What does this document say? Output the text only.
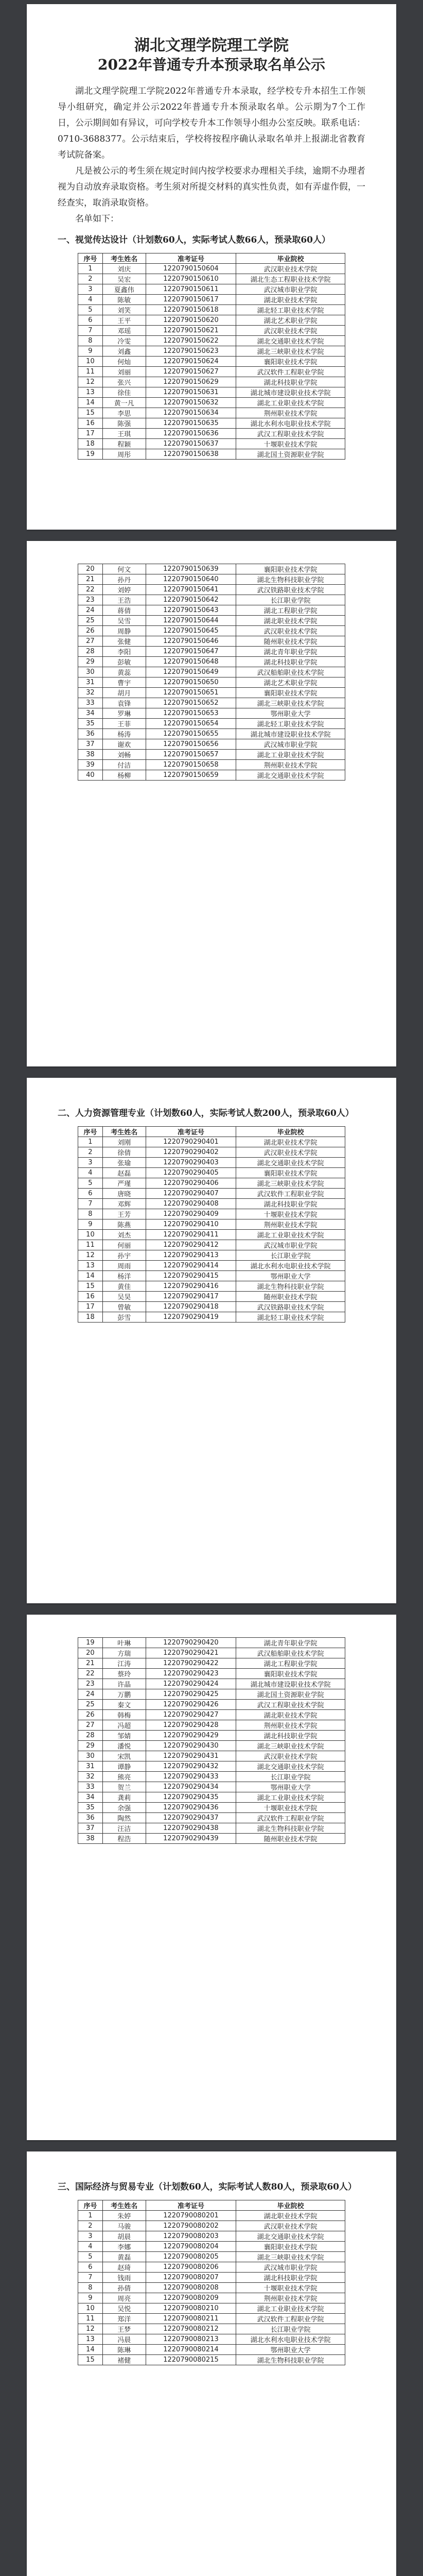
湖北文理学院理工学院
2022年普通专升本预录取名单公示

湖北文理学院理工学院2022年普通专升本录取，经学校专升本招生工作领导小组研究，确定并公示2022年普通专升本预录取名单。公示期为7个工作日，公示期间如有异议，可向学校专升本工作领导小组办公室反映。联系电话：0710-3688377。公示结束后，学校将按程序确认录取名单并上报湖北省教育考试院备案。

凡是被公示的考生须在规定时间内按学校要求办理相关手续，逾期不办理者视为自动放弃录取资格。考生须对所提交材料的真实性负责，如有弄虚作假，一经查实，取消录取资格。

名单如下：

一、视觉传达设计（计划数60人，实际考试人数66人，预录取60人）
序号	考生姓名	准考证号	毕业院校
1	刘庆	1220790150604	武汉职业技术学院
2	吴宏	1220790150610	湖北生态工程职业技术学院
3	夏鑫伟	1220790150611	武汉城市职业学院
4	陈敏	1220790150617	湖北职业技术学院
5	刘笑	1220790150618	湖北轻工职业技术学院
6	王平	1220790150620	湖北艺术职业学院
7	邓瑶	1220790150621	武汉职业技术学院
8	冷雯	1220790150622	湖北交通职业技术学院
9	刘鑫	1220790150623	湖北三峡职业技术学院
10	何灿	1220790150624	襄阳职业技术学院
11	刘丽	1220790150627	武汉软件工程职业学院
12	张兴	1220790150629	湖北科技职业学院
13	徐佳	1220790150631	湖北城市建设职业技术学院
14	黄一凡	1220790150632	湖北工业职业技术学院
15	李思	1220790150634	荆州职业技术学院
16	陈强	1220790150635	湖北水利水电职业技术学院
17	王琪	1220790150636	武汉工程职业技术学院
18	程颖	1220790150637	十堰职业技术学院
19	周彤	1220790150638	湖北国土资源职业学院
20	何文	1220790150639	襄阳职业技术学院
21	孙丹	1220790150640	湖北生物科技职业学院
22	刘婷	1220790150641	武汉铁路职业技术学院
23	王浩	1220790150642	长江职业学院
24	蒋倩	1220790150643	湖北工程职业学院
25	吴雪	1220790150644	湖北职业技术学院
26	周静	1220790150645	武汉职业技术学院
27	张健	1220790150646	随州职业技术学院
28	李阳	1220790150647	湖北青年职业学院
29	彭敏	1220790150648	湖北科技职业学院
30	黄蕊	1220790150649	武汉船舶职业技术学院
31	曹宇	1220790150650	湖北艺术职业学院
32	胡月	1220790150651	襄阳职业技术学院
33	袁锋	1220790150652	湖北三峡职业技术学院
34	罗琳	1220790150653	鄂州职业大学
35	王菲	1220790150654	湖北轻工职业技术学院
36	杨涛	1220790150655	湖北城市建设职业技术学院
37	谢欢	1220790150656	武汉城市职业学院
38	刘畅	1220790150657	湖北工业职业技术学院
39	付洁	1220790150658	荆州职业技术学院
40	杨柳	1220790150659	湖北交通职业技术学院
二、人力资源管理专业（计划数60人，实际考试人数200人，预录取60人）
序号	考生姓名	准考证号	毕业院校
1	刘刚	1220790290401	湖北职业技术学院
2	徐倩	1220790290402	武汉职业技术学院
3	张瑜	1220790290403	湖北交通职业技术学院
4	赵磊	1220790290405	襄阳职业技术学院
5	严瑾	1220790290406	湖北三峡职业技术学院
6	唐晓	1220790290407	武汉软件工程职业学院
7	邓辉	1220790290408	湖北科技职业学院
8	王芳	1220790290409	十堰职业技术学院
9	陈燕	1220790290410	荆州职业技术学院
10	刘杰	1220790290411	湖北工业职业技术学院
11	何丽	1220790290412	武汉城市职业学院
12	孙宇	1220790290413	长江职业学院
13	周雨	1220790290414	湖北水利水电职业技术学院
14	杨洋	1220790290415	鄂州职业大学
15	黄佳	1220790290416	湖北生物科技职业学院
16	吴昊	1220790290417	随州职业技术学院
17	曾敏	1220790290418	武汉铁路职业技术学院
18	彭雪	1220790290419	湖北轻工职业技术学院
19	叶琳	1220790290420	湖北青年职业学院
20	方瑞	1220790290421	武汉船舶职业技术学院
21	江涛	1220790290422	湖北工程职业学院
22	蔡玲	1220790290423	襄阳职业技术学院
23	许晶	1220790290424	湖北城市建设职业技术学院
24	万鹏	1220790290425	湖北国土资源职业学院
25	秦文	1220790290426	武汉工程职业技术学院
26	韩梅	1220790290427	湖北职业技术学院
27	冯超	1220790290428	荆州职业技术学院
28	邹婧	1220790290429	湖北科技职业学院
29	潘悦	1220790290430	湖北三峡职业技术学院
30	宋凯	1220790290431	武汉职业技术学院
31	谭静	1220790290432	湖北交通职业技术学院
32	熊亮	1220790290433	长江职业学院
33	贺兰	1220790290434	鄂州职业大学
34	龚莉	1220790290435	湖北工业职业技术学院
35	余强	1220790290436	十堰职业技术学院
36	陶然	1220790290437	武汉软件工程职业学院
37	汪洁	1220790290438	湖北生物科技职业学院
38	程浩	1220790290439	随州职业技术学院
三、国际经济与贸易专业（计划数60人，实际考试人数80人，预录取60人）
序号	考生姓名	准考证号	毕业院校
1	朱婷	1220790080201	湖北职业技术学院
2	马骏	1220790080202	武汉职业技术学院
3	胡晨	1220790080203	湖北交通职业技术学院
4	李娜	1220790080204	襄阳职业技术学院
5	黄磊	1220790080205	湖北三峡职业技术学院
6	赵琦	1220790080206	武汉城市职业学院
7	钱雨	1220790080207	湖北科技职业学院
8	孙倩	1220790080208	十堰职业技术学院
9	周亮	1220790080209	荆州职业技术学院
10	吴悦	1220790080210	湖北工业职业技术学院
11	郑洋	1220790080211	武汉软件工程职业学院
12	王梦	1220790080212	长江职业学院
13	冯晨	1220790080213	湖北水利水电职业技术学院
14	陈琳	1220790080214	鄂州职业大学
15	褚健	1220790080215	湖北生物科技职业学院
